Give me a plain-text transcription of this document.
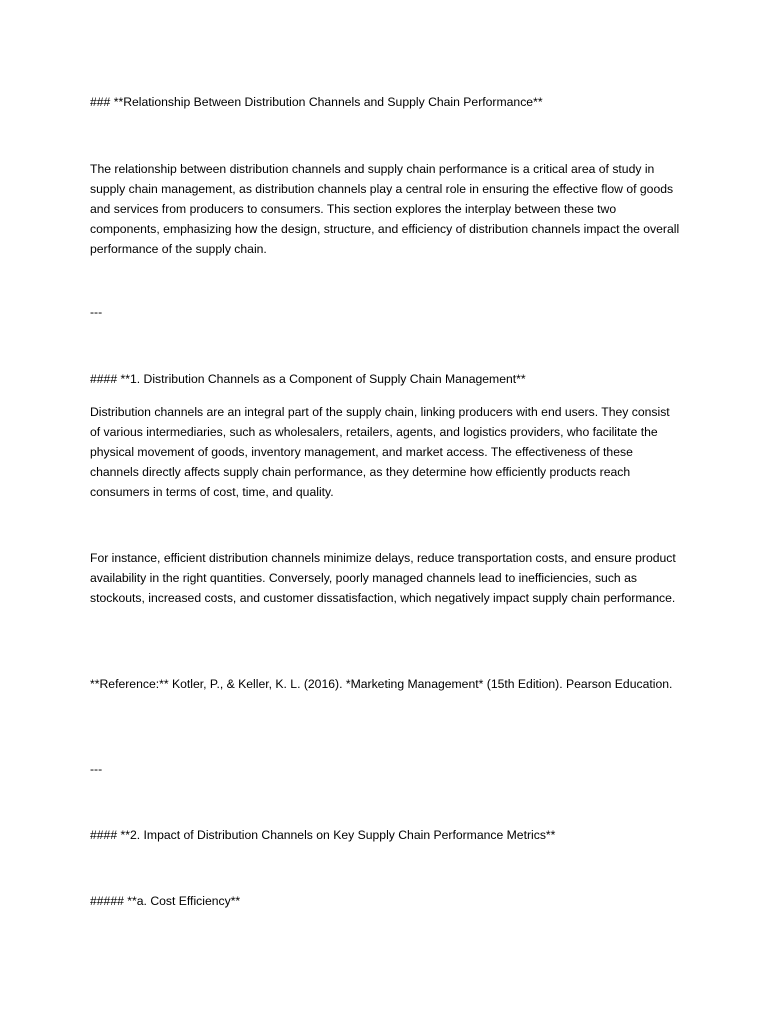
### **Relationship Between Distribution Channels and Supply Chain Performance**

The relationship between distribution channels and supply chain performance is a critical area of study in supply chain management, as distribution channels play a central role in ensuring the effective flow of goods and services from producers to consumers. This section explores the interplay between these two components, emphasizing how the design, structure, and efficiency of distribution channels impact the overall performance of the supply chain.

---

#### **1. Distribution Channels as a Component of Supply Chain Management**

Distribution channels are an integral part of the supply chain, linking producers with end users. They consist of various intermediaries, such as wholesalers, retailers, agents, and logistics providers, who facilitate the physical movement of goods, inventory management, and market access. The effectiveness of these channels directly affects supply chain performance, as they determine how efficiently products reach consumers in terms of cost, time, and quality.

For instance, efficient distribution channels minimize delays, reduce transportation costs, and ensure product availability in the right quantities. Conversely, poorly managed channels lead to inefficiencies, such as stockouts, increased costs, and customer dissatisfaction, which negatively impact supply chain performance.

**Reference:** Kotler, P., & Keller, K. L. (2016). *Marketing Management* (15th Edition). Pearson Education.

---

#### **2. Impact of Distribution Channels on Key Supply Chain Performance Metrics**

##### **a. Cost Efficiency**
